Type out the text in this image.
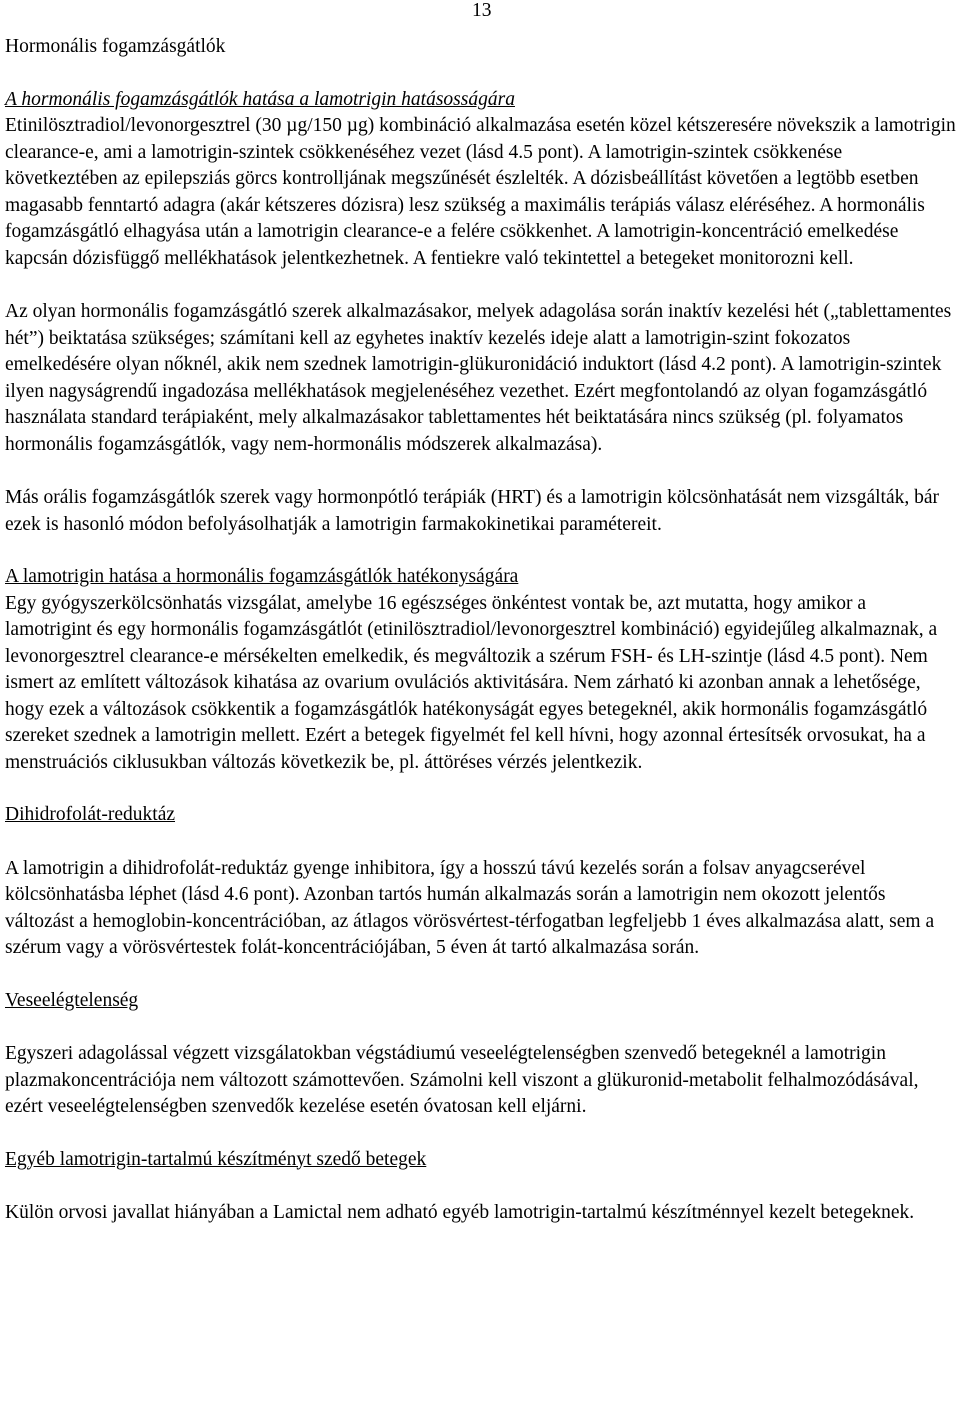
13

Hormonális fogamzásgátlók

A hormonális fogamzásgátlók hatása a lamotrigin hatásosságára

Etinilösztradiol/levonorgesztrel (30 µg/150 µg) kombináció alkalmazása esetén közel kétszeresére növekszik a lamotrigin clearance-e, ami a lamotrigin-szintek csökkenéséhez vezet (lásd 4.5 pont). A lamotrigin-szintek csökkenése következtében az epilepsziás görcs kontrolljának megszűnését észlelték. A dózisbeállítást követően a legtöbb esetben magasabb fenntartó adagra (akár kétszeres dózisra) lesz szükség a maximális terápiás válasz eléréséhez. A hormonális fogamzásgátló elhagyása után a lamotrigin clearance-e a felére csökkenhet. A lamotrigin-koncentráció emelkedése kapcsán dózisfüggő mellékhatások jelentkezhetnek. A fentiekre való tekintettel a betegeket monitorozni kell.

Az olyan hormonális fogamzásgátló szerek alkalmazásakor, melyek adagolása során inaktív kezelési hét („tablettamentes hét”) beiktatása szükséges; számítani kell az egyhetes inaktív kezelés ideje alatt a lamotrigin-szint fokozatos emelkedésére olyan nőknél, akik nem szednek lamotrigin-glükuronidáció induktort (lásd 4.2 pont). A lamotrigin-szintek ilyen nagyságrendű ingadozása mellékhatások megjelenéséhez vezethet. Ezért megfontolandó az olyan fogamzásgátló használata standard terápiaként, mely alkalmazásakor tablettamentes hét beiktatására nincs szükség (pl. folyamatos hormonális fogamzásgátlók, vagy nem-hormonális módszerek alkalmazása).

Más orális fogamzásgátlók szerek vagy hormonpótló terápiák (HRT) és a lamotrigin kölcsönhatását nem vizsgálták, bár ezek is hasonló módon befolyásolhatják a lamotrigin farmakokinetikai paramétereit.

A lamotrigin hatása a hormonális fogamzásgátlók hatékonyságára

Egy gyógyszerkölcsönhatás vizsgálat, amelybe 16 egészséges önkéntest vontak be, azt mutatta, hogy amikor a lamotrigint és egy hormonális fogamzásgátlót (etinilösztradiol/levonorgesztrel kombináció) egyidejűleg alkalmaznak, a levonorgesztrel clearance-e mérsékelten emelkedik, és megváltozik a szérum FSH- és LH-szintje (lásd 4.5 pont). Nem ismert az említett változások kihatása az ovarium ovulációs aktivitására. Nem zárható ki azonban annak a lehetősége, hogy ezek a változások csökkentik a fogamzásgátlók hatékonyságát egyes betegeknél, akik hormonális fogamzásgátló szereket szednek a lamotrigin mellett. Ezért a betegek figyelmét fel kell hívni, hogy azonnal értesítsék orvosukat, ha a menstruációs ciklusukban változás következik be, pl. áttöréses vérzés jelentkezik.

Dihidrofolát-reduktáz

A lamotrigin a dihidrofolát-reduktáz gyenge inhibitora, így a hosszú távú kezelés során a folsav anyagcserével kölcsönhatásba léphet (lásd 4.6 pont). Azonban tartós humán alkalmazás során a lamotrigin nem okozott jelentős változást a hemoglobin-koncentrációban, az átlagos vörösvértest-térfogatban legfeljebb 1 éves alkalmazása alatt, sem a szérum vagy a vörösvértestek folát-koncentrációjában, 5 éven át tartó alkalmazása során.

Veseelégtelenség

Egyszeri adagolással végzett vizsgálatokban végstádiumú veseelégtelenségben szenvedő betegeknél a lamotrigin plazmakoncentrációja nem változott számottevően. Számolni kell viszont a glükuronid-metabolit felhalmozódásával, ezért veseelégtelenségben szenvedők kezelése esetén óvatosan kell eljárni.

Egyéb lamotrigin-tartalmú készítményt szedő betegek

Külön orvosi javallat hiányában a Lamictal nem adható egyéb lamotrigin-tartalmú készítménnyel kezelt betegeknek.
